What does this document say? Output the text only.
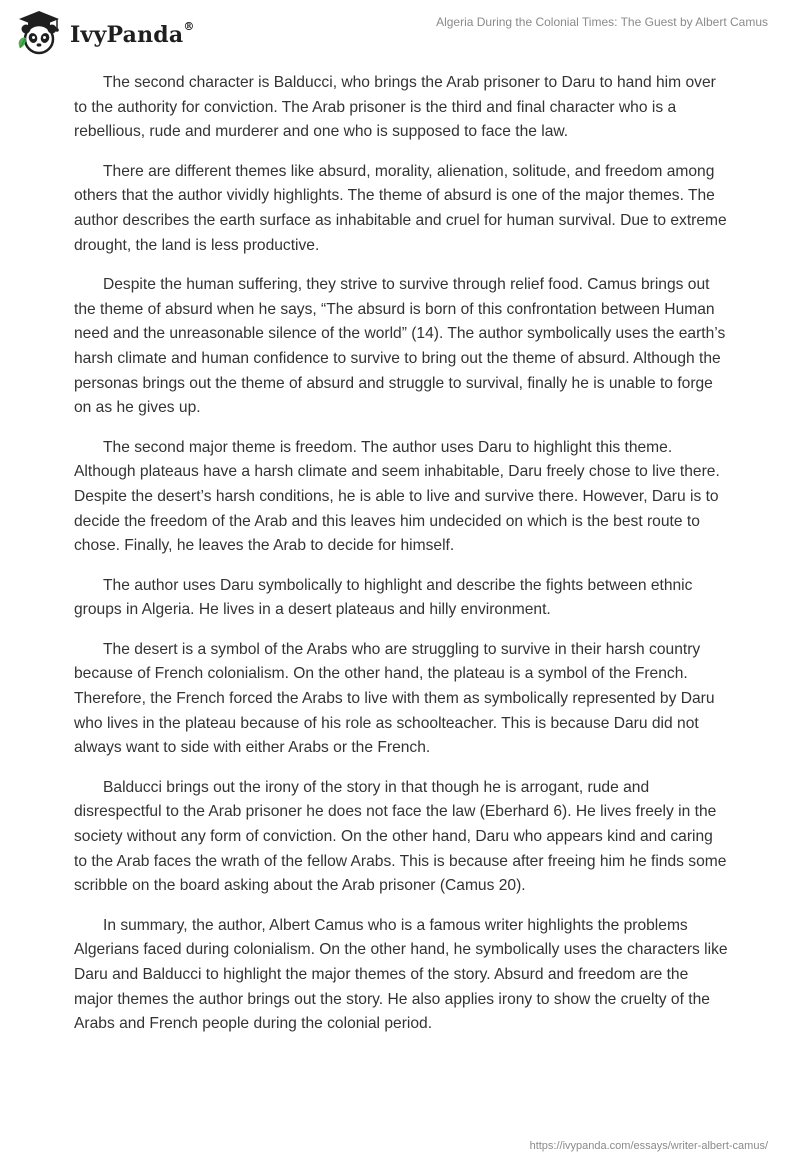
IvyPanda®	Algeria During the Colonial Times: The Guest by Albert Camus

The second character is Balducci, who brings the Arab prisoner to Daru to hand him over to the authority for conviction. The Arab prisoner is the third and final character who is a rebellious, rude and murderer and one who is supposed to face the law.

There are different themes like absurd, morality, alienation, solitude, and freedom among others that the author vividly highlights. The theme of absurd is one of the major themes. The author describes the earth surface as inhabitable and cruel for human survival. Due to extreme drought, the land is less productive.

Despite the human suffering, they strive to survive through relief food. Camus brings out the theme of absurd when he says, “The absurd is born of this confrontation between Human need and the unreasonable silence of the world” (14). The author symbolically uses the earth’s harsh climate and human confidence to survive to bring out the theme of absurd. Although the personas brings out the theme of absurd and struggle to survival, finally he is unable to forge on as he gives up.

The second major theme is freedom. The author uses Daru to highlight this theme. Although plateaus have a harsh climate and seem inhabitable, Daru freely chose to live there. Despite the desert’s harsh conditions, he is able to live and survive there. However, Daru is to decide the freedom of the Arab and this leaves him undecided on which is the best route to chose. Finally, he leaves the Arab to decide for himself.

The author uses Daru symbolically to highlight and describe the fights between ethnic groups in Algeria. He lives in a desert plateaus and hilly environment.

The desert is a symbol of the Arabs who are struggling to survive in their harsh country because of French colonialism. On the other hand, the plateau is a symbol of the French. Therefore, the French forced the Arabs to live with them as symbolically represented by Daru who lives in the plateau because of his role as schoolteacher. This is because Daru did not always want to side with either Arabs or the French.

Balducci brings out the irony of the story in that though he is arrogant, rude and disrespectful to the Arab prisoner he does not face the law (Eberhard 6). He lives freely in the society without any form of conviction. On the other hand, Daru who appears kind and caring to the Arab faces the wrath of the fellow Arabs. This is because after freeing him he finds some scribble on the board asking about the Arab prisoner (Camus 20).

In summary, the author, Albert Camus who is a famous writer highlights the problems Algerians faced during colonialism. On the other hand, he symbolically uses the characters like Daru and Balducci to highlight the major themes of the story. Absurd and freedom are the major themes the author brings out the story. He also applies irony to show the cruelty of the Arabs and French people during the colonial period.

https://ivypanda.com/essays/writer-albert-camus/
